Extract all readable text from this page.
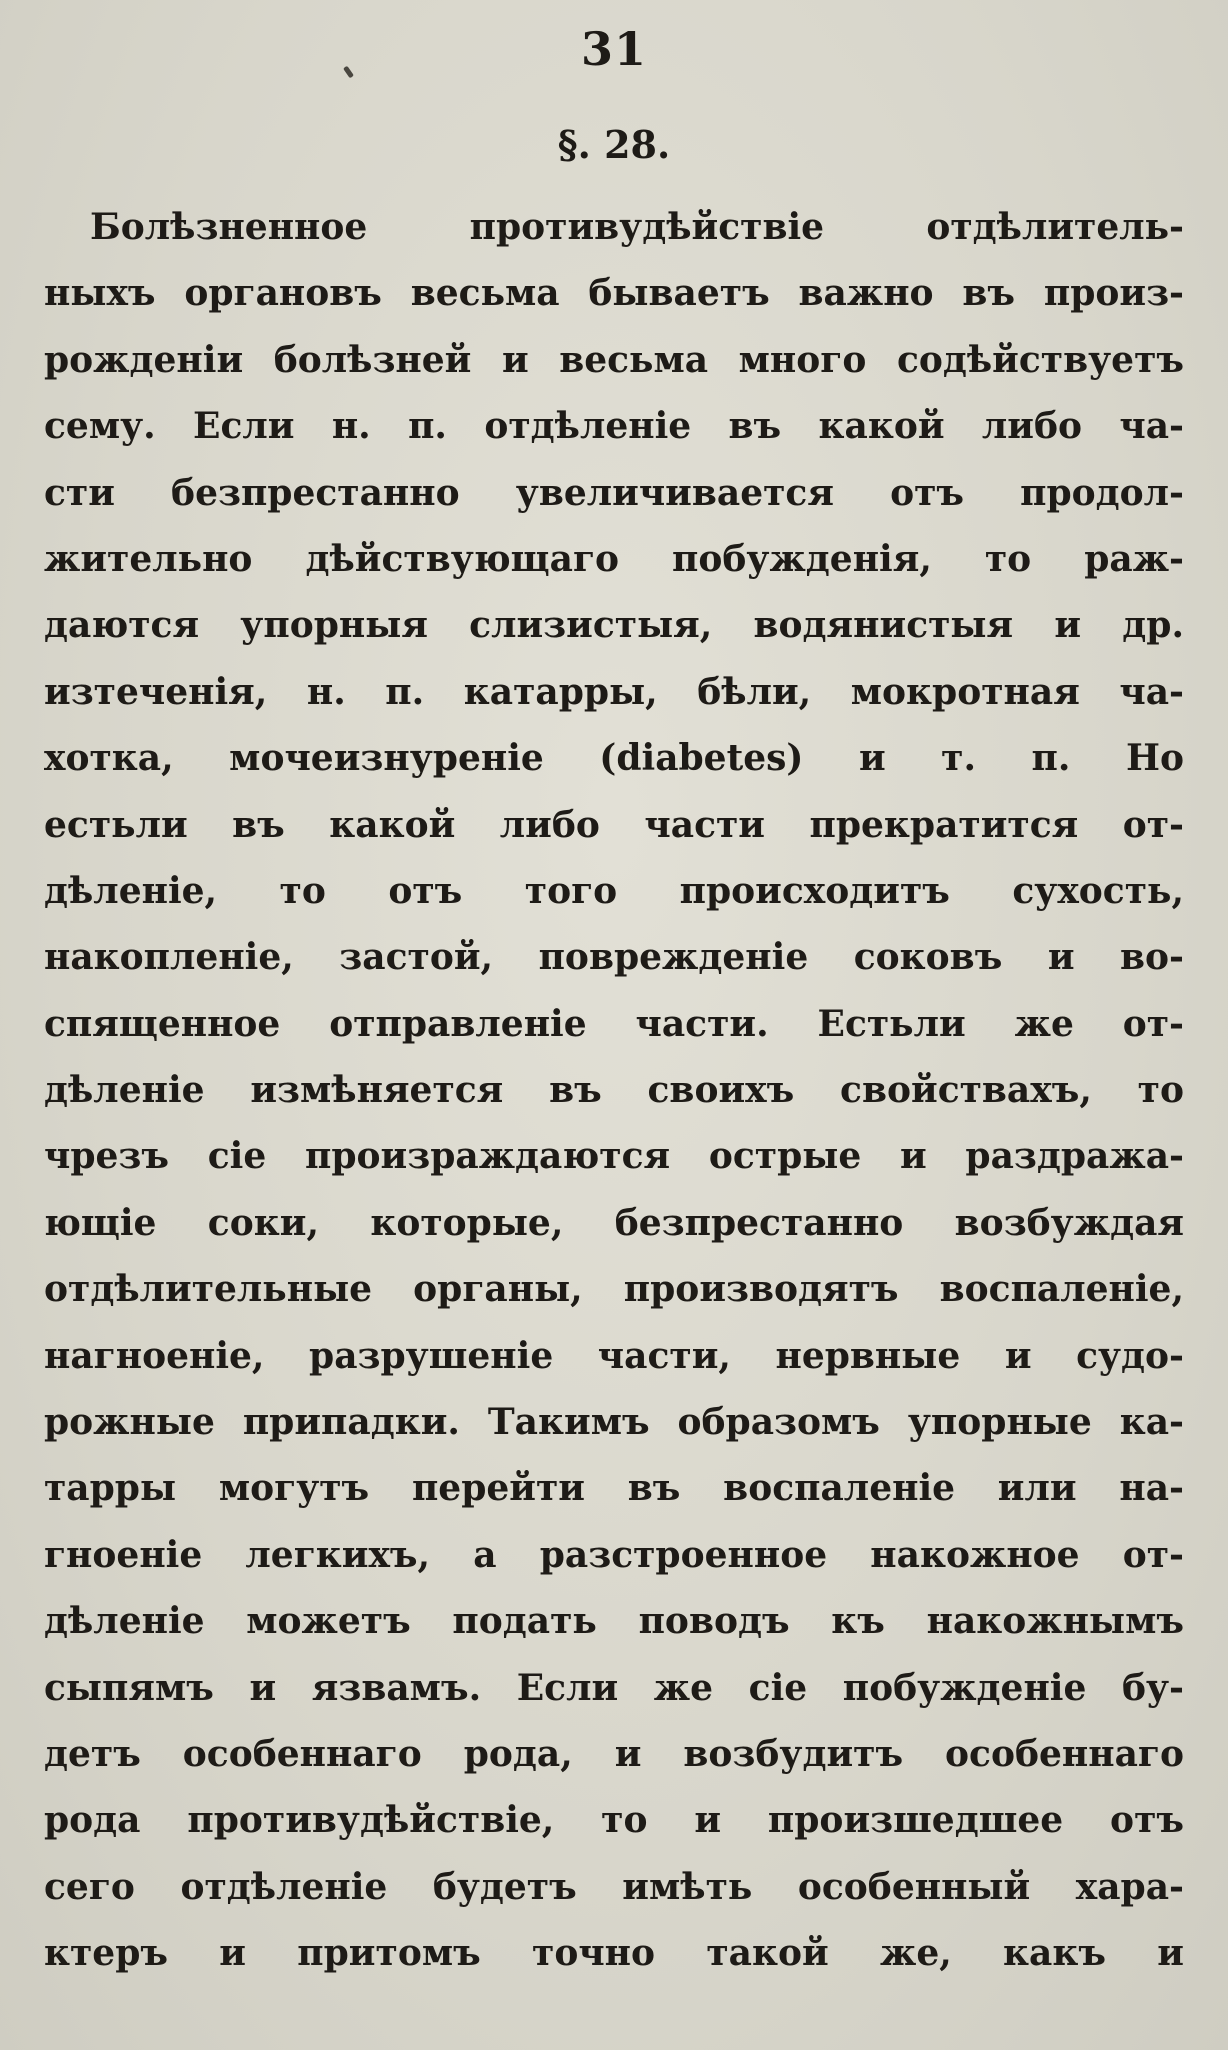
31
§. 28.
Болѣзненное противудѣйствіе отдѣлитель-
ныхъ органовъ весьма бываетъ важно въ произ-
рожденіи болѣзней и весьма много содѣйствуетъ
сему. Если н. п. отдѣленіе въ какой либо ча-
сти безпрестанно увеличивается отъ продол-
жительно дѣйствующаго побужденія, то раж-
даются упорныя слизистыя, водянистыя и др.
изтеченія, н. п. катарры, бѣли, мокротная ча-
хотка, мочеизнуреніе (diabetes) и т. п. Но
естьли въ какой либо части прекратится от-
дѣленіе, то отъ того происходитъ сухость,
накопленіе, застой, поврежденіе соковъ и во-
спященное отправленіе части. Естьли же от-
дѣленіе измѣняется въ своихъ свойствахъ, то
чрезъ сіе произраждаются острые и раздража-
ющіе соки, которые, безпрестанно возбуждая
отдѣлительные органы, производятъ воспаленіе,
нагноеніе, разрушеніе части, нервные и судо-
рожные припадки. Такимъ образомъ упорные ка-
тарры могутъ перейти въ воспаленіе или на-
гноеніе легкихъ, а разстроенное накожное от-
дѣленіе можетъ подать поводъ къ накожнымъ
сыпямъ и язвамъ. Если же сіе побужденіе бу-
детъ особеннаго рода, и возбудитъ особеннаго
рода противудѣйствіе, то и произшедшее отъ
сего отдѣленіе будетъ имѣть особенный хара-
ктеръ и притомъ точно такой же, какъ и
